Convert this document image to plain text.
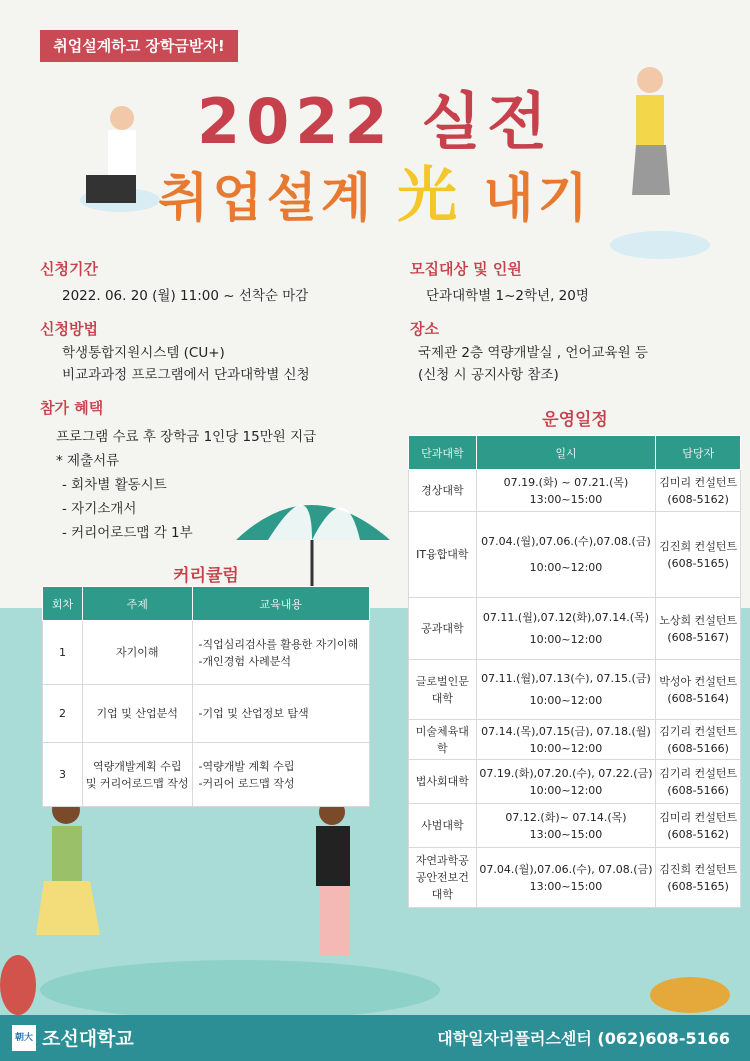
취업설계하고 장학금받자!
2022 실전
취업설계 光 내기
신청기간
2022. 06. 20 (월) 11:00 ~ 선착순 마감
신청방법
학생통합지원시스템 (CU+)
비교과과정 프로그램에서 단과대학별 신청
참가 혜택
프로그램 수료 후 장학금 1인당 15만원 지급
* 제출서류
- 회차별 활동시트
- 자기소개서
- 커리어로드맵 각 1부
모집대상 및 인원
단과대학별 1~2학년, 20명
장소
국제관 2층 역량개발실 , 언어교육원 등
(신청 시 공지사항 참조)
운영일정
단과대학	일시	담당자
경상대학	07.19.(화) ~ 07.21.(목)
13:00~15:00	김미리 컨설턴트
(608-5162)
IT융합대학	07.04.(월),07.06.(수),07.08.(금)
10:00~12:00	김진희 컨설턴트
(608-5165)
공과대학	07.11.(월),07.12(화),07.14.(목)
10:00~12:00	노상희 컨설턴트
(608-5167)
글로벌인문대학	07.11.(월),07.13(수), 07.15.(금)
10:00~12:00	박성아 컨설턴트
(608-5164)
미술체육대학	07.14.(목),07.15(금), 07.18.(월)
10:00~12:00	김기리 컨설턴트
(608-5166)
법사회대학	07.19.(화),07.20.(수), 07.22.(금)
10:00~12:00	김기리 컨설턴트
(608-5166)
사범대학	07.12.(화)~ 07.14.(목)
13:00~15:00	김미리 컨설턴트
(608-5162)
자연과학공공안전보건대학	07.04.(월),07.06.(수), 07.08.(금)
13:00~15:00	김진희 컨설턴트
(608-5165)
커리큘럼
회차	주제	교육내용
1	자기이해	-직업심리검사를 활용한 자기이해
-개인경험 사례분석
2	기업 및 산업분석	-기업 및 산업정보 탐색
3	역량개발계획 수립
및 커리어로드맵 작성	-역량개발 계획 수립
-커리어 로드맵 작성
朝大 조선대학교	대학일자리플러스센터 (062)608-5166
